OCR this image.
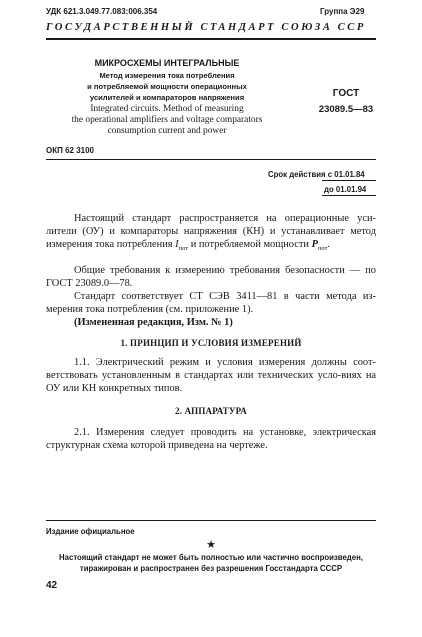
УДК 621.3.049.77.083:006.354	Группа Э29
ГОСУДАРСТВЕННЫЙ СТАНДАРТ СОЮЗА ССР
МИКРОСХЕМЫ ИНТЕГРАЛЬНЫЕ
Метод измерения тока потребления
и потребляемой мощности операционных
усилителей и компараторов напряжения
Integrated circuits. Method of measuring
the operational amplifiers and voltage comparators
consumption current and power
ГОСТ
23089.5—83
ОКП 62 3100
Срок действия с 01.01.84
до 01.01.94
Настоящий стандарт распространяется на операционные уси-лители (ОУ) и компараторы напряжения (КН) и устанавливает метод измерения тока потребления $I_{пот}$ и потребляемой мощности $P_{пот}$.
Общие требования к измерению требования безопасности — по ГОСТ 23089.0—78.
Стандарт соответствует СТ СЭВ 3411—81 в части метода из-мерения тока потребления (см. приложение 1).
(Измененная редакция, Изм. № 1)
1. ПРИНЦИП И УСЛОВИЯ ИЗМЕРЕНИЙ
1.1. Электрический режим и условия измерения должны соот-ветствовать установленным в стандартах или технических усло-виях на ОУ или КН конкретных типов.
2. АППАРАТУРА
2.1. Измерения следует проводить на установке, электрическая структурная схема которой приведена на чертеже.
Издание официальное
★
Настоящий стандарт не может быть полностью или частично воспроизведен,
тиражирован и распространен без разрешения Госстандарта СССР
42
